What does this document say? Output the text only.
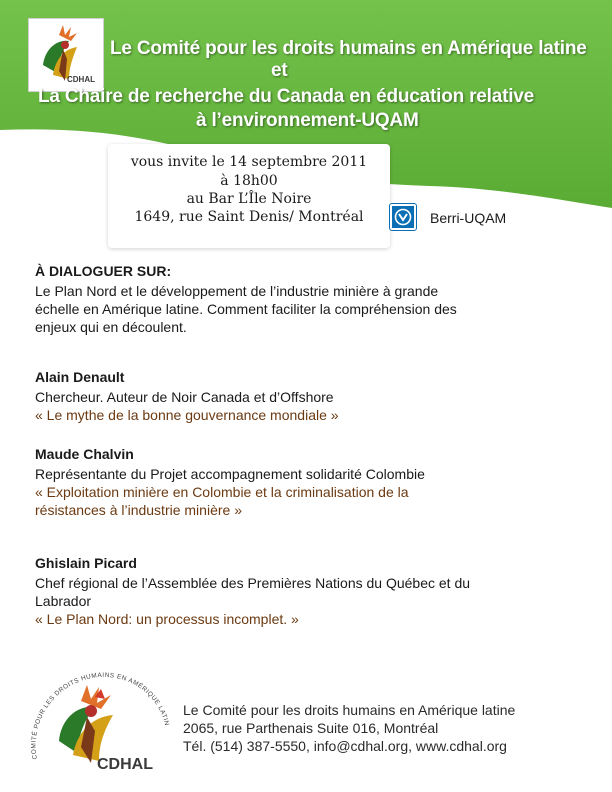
CDHAL
Le Comité pour les droits humains en Amérique latine
et
La Chaire de recherche du Canada en éducation relative
à l’environnement-UQAM
vous invite le 14 septembre 2011
à 18h00
au Bar L’Île Noire
1649, rue Saint Denis/ Montréal	Berri-UQAM
À DIALOGUER SUR:
Le Plan Nord et le développement de l’industrie minière à grande
échelle en Amérique latine. Comment faciliter la compréhension des
enjeux qui en découlent.
Alain Denault
Chercheur. Auteur de Noir Canada et d’Offshore
« Le mythe de la bonne gouvernance mondiale »
Maude Chalvin
Représentante du Projet accompagnement solidarité Colombie
« Exploitation minière en Colombie et la criminalisation de la
résistances à l’industrie minière »
Ghislain Picard
Chef régional de l’Assemblée des Premières Nations du Québec et du
Labrador
« Le Plan Nord: un processus incomplet. »
COMITÉ POUR LES DROITS HUMAINS EN AMÉRIQUE LATIN
CDHAL
Le Comité pour les droits humains en Amérique latine
2065, rue Parthenais Suite 016, Montréal
Tél. (514) 387-5550, info@cdhal.org, www.cdhal.org
